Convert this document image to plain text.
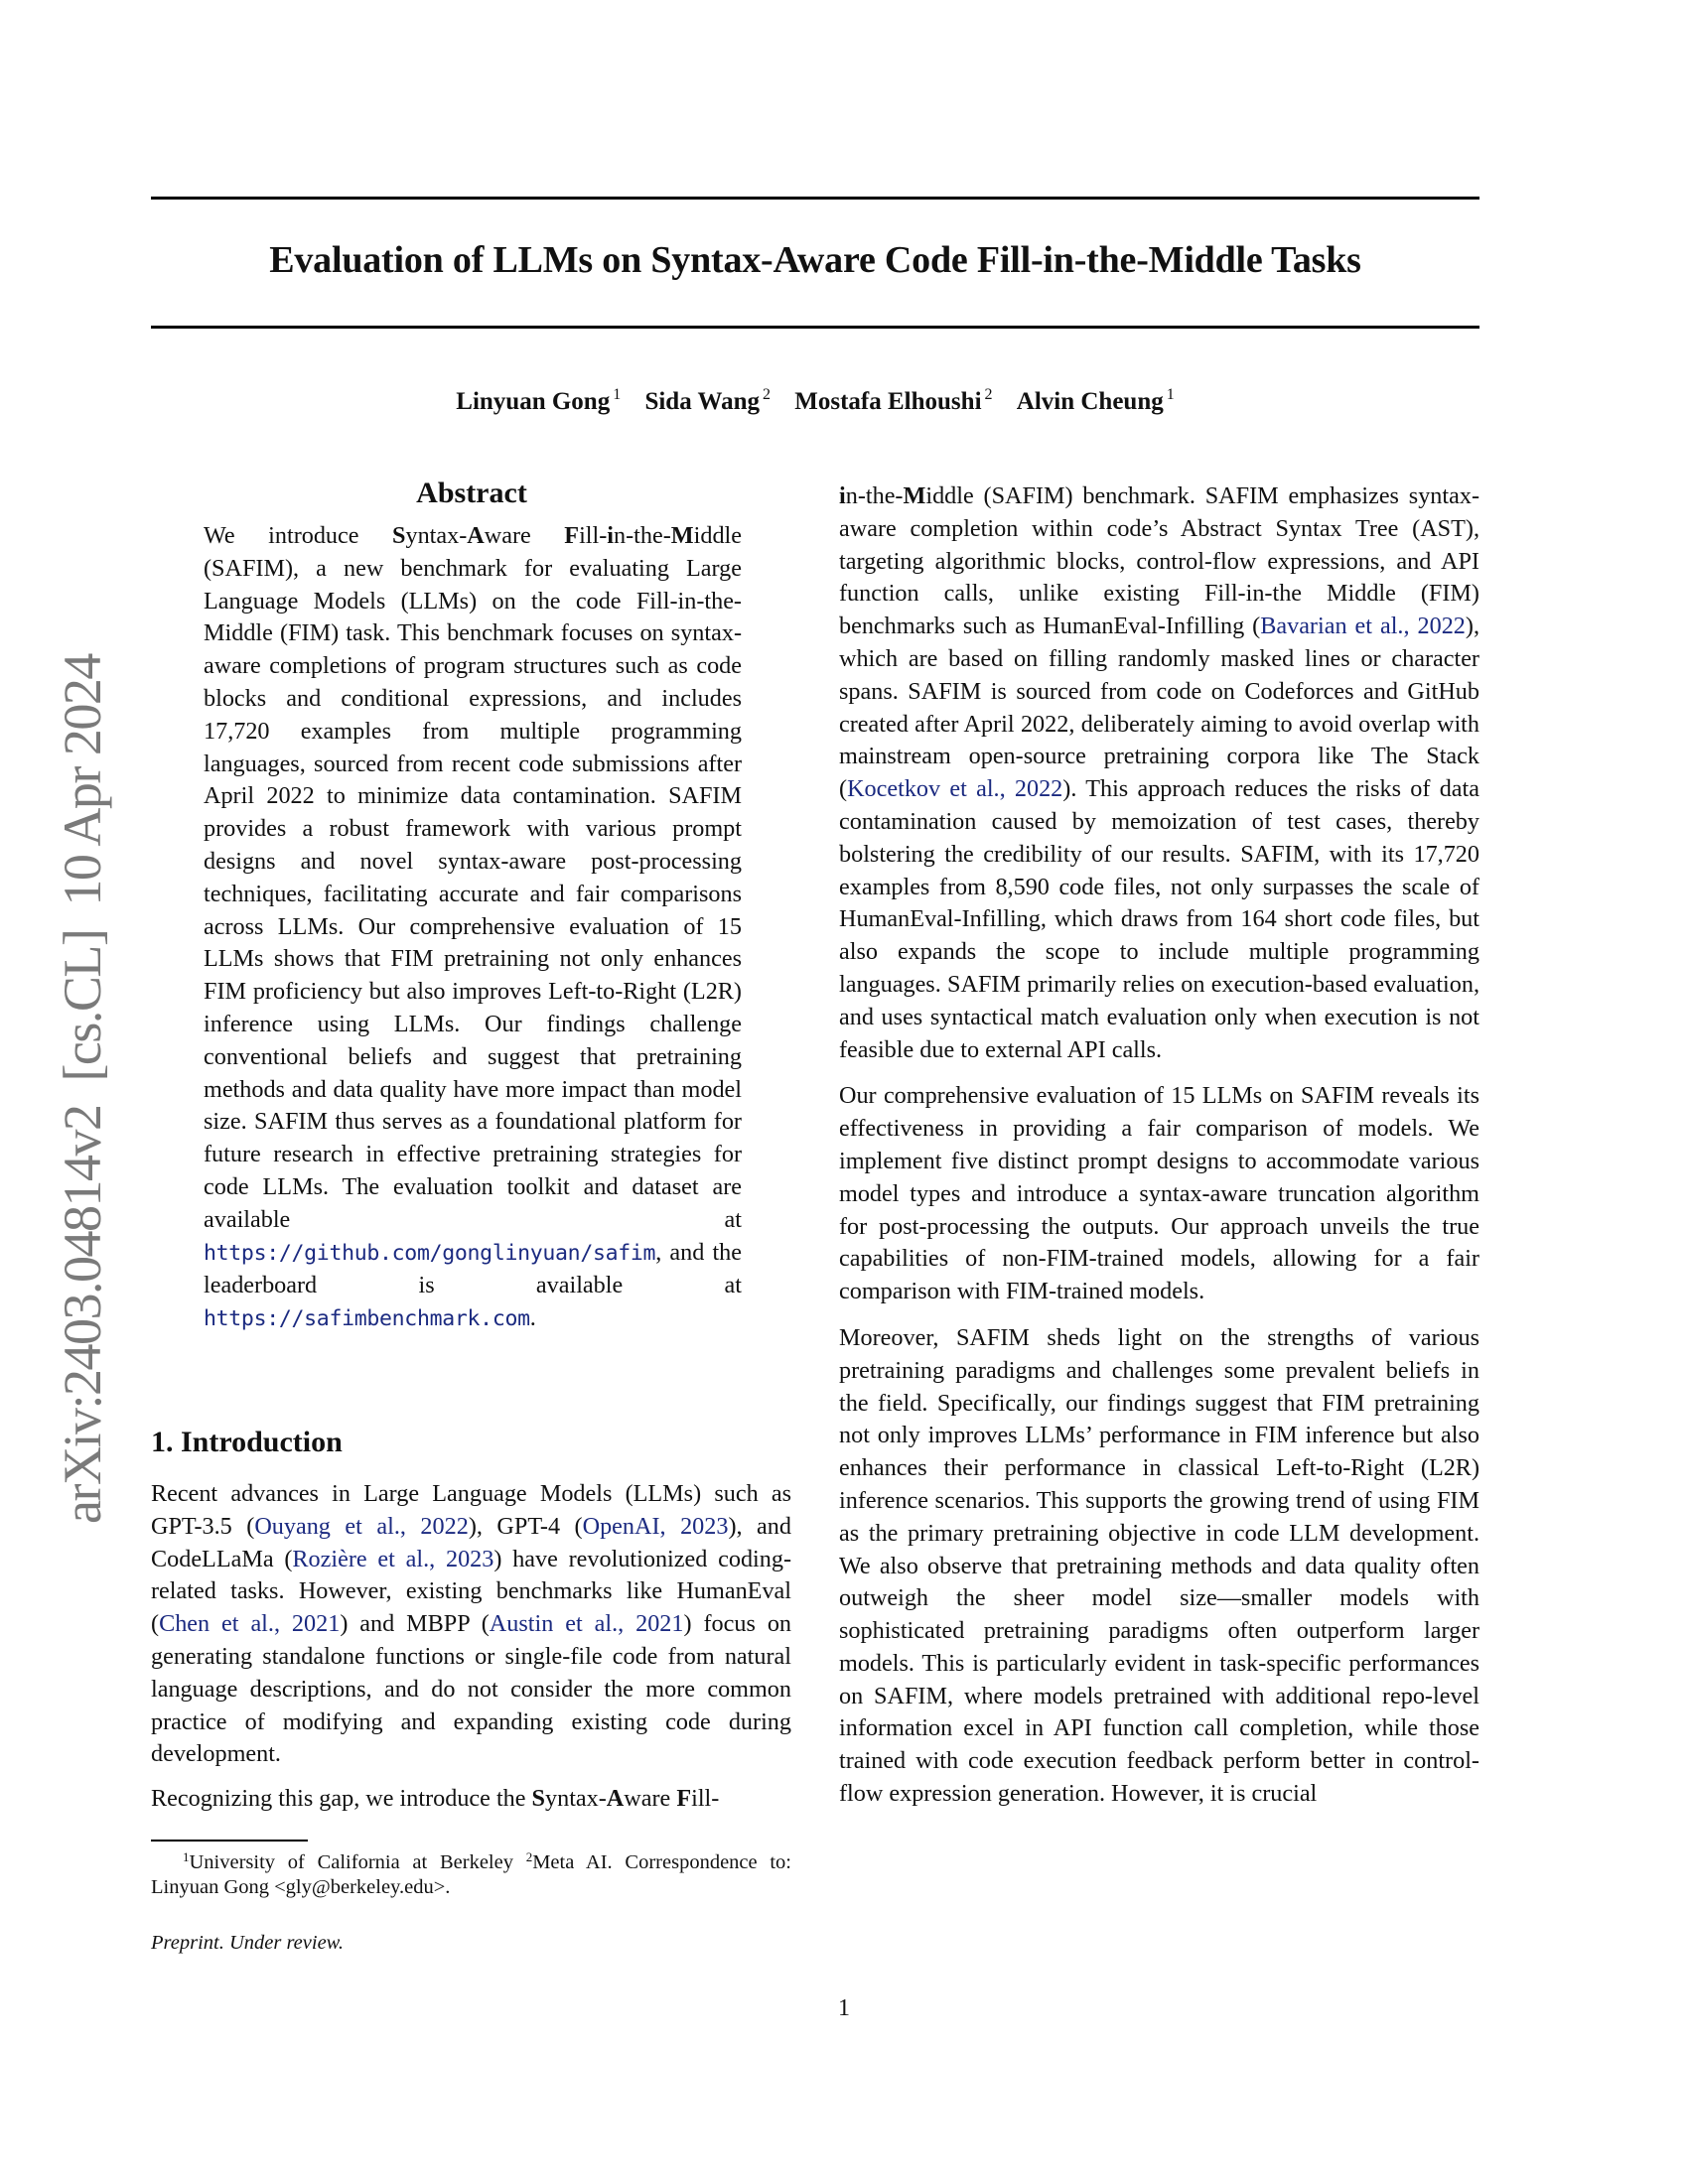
Evaluation of LLMs on Syntax-Aware Code Fill-in-the-Middle Tasks
Linyuan Gong $^1$ Sida Wang $^2$ Mostafa Elhoushi $^2$ Alvin Cheung $^1$
arXiv:2403.04814v2  [cs.CL]  10 Apr 2024
Abstract

We introduce Syntax-Aware Fill-in-the-Middle (SAFIM), a new benchmark for evaluating Large Language Models (LLMs) on the code Fill-in-the-Middle (FIM) task. This benchmark focuses on syntax-aware completions of program structures such as code blocks and conditional expressions, and includes 17,720 examples from multiple programming languages, sourced from recent code submissions after April 2022 to minimize data contamination. SAFIM provides a robust framework with various prompt designs and novel syntax-aware post-processing techniques, facilitating accurate and fair comparisons across LLMs. Our comprehensive evaluation of 15 LLMs shows that FIM pretraining not only enhances FIM proficiency but also improves Left-to-Right (L2R) inference using LLMs. Our findings challenge conventional beliefs and suggest that pretraining methods and data quality have more impact than model size. SAFIM thus serves as a foundational platform for future research in effective pretraining strategies for code LLMs. The evaluation toolkit and dataset are available at https://github.com/gonglinyuan/safim, and the leaderboard is available at https://safimbenchmark.com.

1. Introduction

Recent advances in Large Language Models (LLMs) such as GPT-3.5 (Ouyang et al., 2022), GPT-4 (OpenAI, 2023), and CodeLLaMa (Rozière et al., 2023) have revolutionized coding-related tasks. However, existing benchmarks like HumanEval (Chen et al., 2021) and MBPP (Austin et al., 2021) focus on generating standalone functions or single-file code from natural language descriptions, and do not consider the more common practice of modifying and expanding existing code during development.

Recognizing this gap, we introduce the Syntax-Aware Fill-

in-the-Middle (SAFIM) benchmark. SAFIM emphasizes syntax-aware completion within code’s Abstract Syntax Tree (AST), targeting algorithmic blocks, control-flow expressions, and API function calls, unlike existing Fill-in-the Middle (FIM) benchmarks such as HumanEval-Infilling (Bavarian et al., 2022), which are based on filling randomly masked lines or character spans. SAFIM is sourced from code on Codeforces and GitHub created after April 2022, deliberately aiming to avoid overlap with mainstream open-source pretraining corpora like The Stack (Kocetkov et al., 2022). This approach reduces the risks of data contamination caused by memoization of test cases, thereby bolstering the credibility of our results. SAFIM, with its 17,720 examples from 8,590 code files, not only surpasses the scale of HumanEval-Infilling, which draws from 164 short code files, but also expands the scope to include multiple programming languages. SAFIM primarily relies on execution-based evaluation, and uses syntactical match evaluation only when execution is not feasible due to external API calls.

Our comprehensive evaluation of 15 LLMs on SAFIM reveals its effectiveness in providing a fair comparison of models. We implement five distinct prompt designs to accommodate various model types and introduce a syntax-aware truncation algorithm for post-processing the outputs. Our approach unveils the true capabilities of non-FIM-trained models, allowing for a fair comparison with FIM-trained models.

Moreover, SAFIM sheds light on the strengths of various pretraining paradigms and challenges some prevalent beliefs in the field. Specifically, our findings suggest that FIM pretraining not only improves LLMs’ performance in FIM inference but also enhances their performance in classical Left-to-Right (L2R) inference scenarios. This supports the growing trend of using FIM as the primary pretraining objective in code LLM development. We also observe that pretraining methods and data quality often outweigh the sheer model size—smaller models with sophisticated pretraining paradigms often outperform larger models. This is particularly evident in task-specific performances on SAFIM, where models pretrained with additional repo-level information excel in API function call completion, while those trained with code execution feedback perform better in control-flow expression generation. However, it is crucial

$^1$University of California at Berkeley $^2$Meta AI. Correspondence to: Linyuan Gong <gly@berkeley.edu>.
Preprint. Under review.
1
